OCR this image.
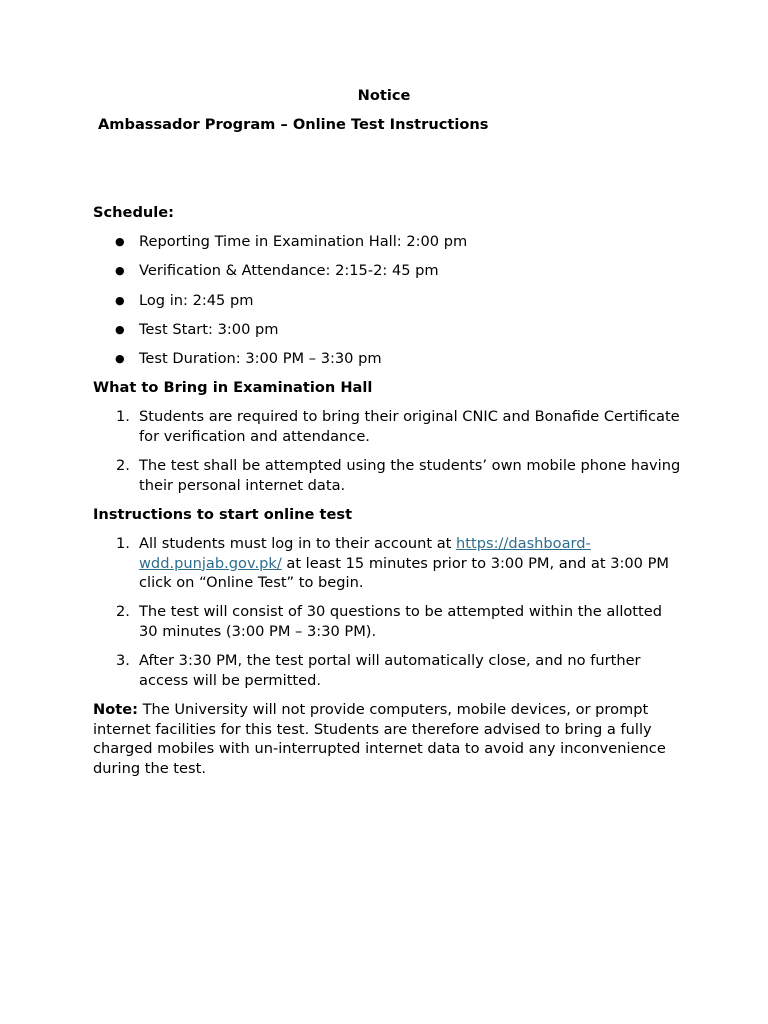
Notice
Ambassador Program – Online Test Instructions
Schedule:
● Reporting Time in Examination Hall: 2:00 pm
● Verification & Attendance: 2:15-2: 45 pm
● Log in: 2:45 pm
● Test Start: 3:00 pm
● Test Duration: 3:00 PM – 3:30 pm
What to Bring in Examination Hall
1. Students are required to bring their original CNIC and Bonafide Certificate for verification and attendance.
2. The test shall be attempted using the students’ own mobile phone having their personal internet data.
Instructions to start online test
1. All students must log in to their account at https://dashboard-wdd.punjab.gov.pk/ at least 15 minutes prior to 3:00 PM, and at 3:00 PM click on “Online Test” to begin.
2. The test will consist of 30 questions to be attempted within the allotted 30 minutes (3:00 PM – 3:30 PM).
3. After 3:30 PM, the test portal will automatically close, and no further access will be permitted.

Note: The University will not provide computers, mobile devices, or prompt internet facilities for this test. Students are therefore advised to bring a fully charged mobiles with un-interrupted internet data to avoid any inconvenience during the test.
